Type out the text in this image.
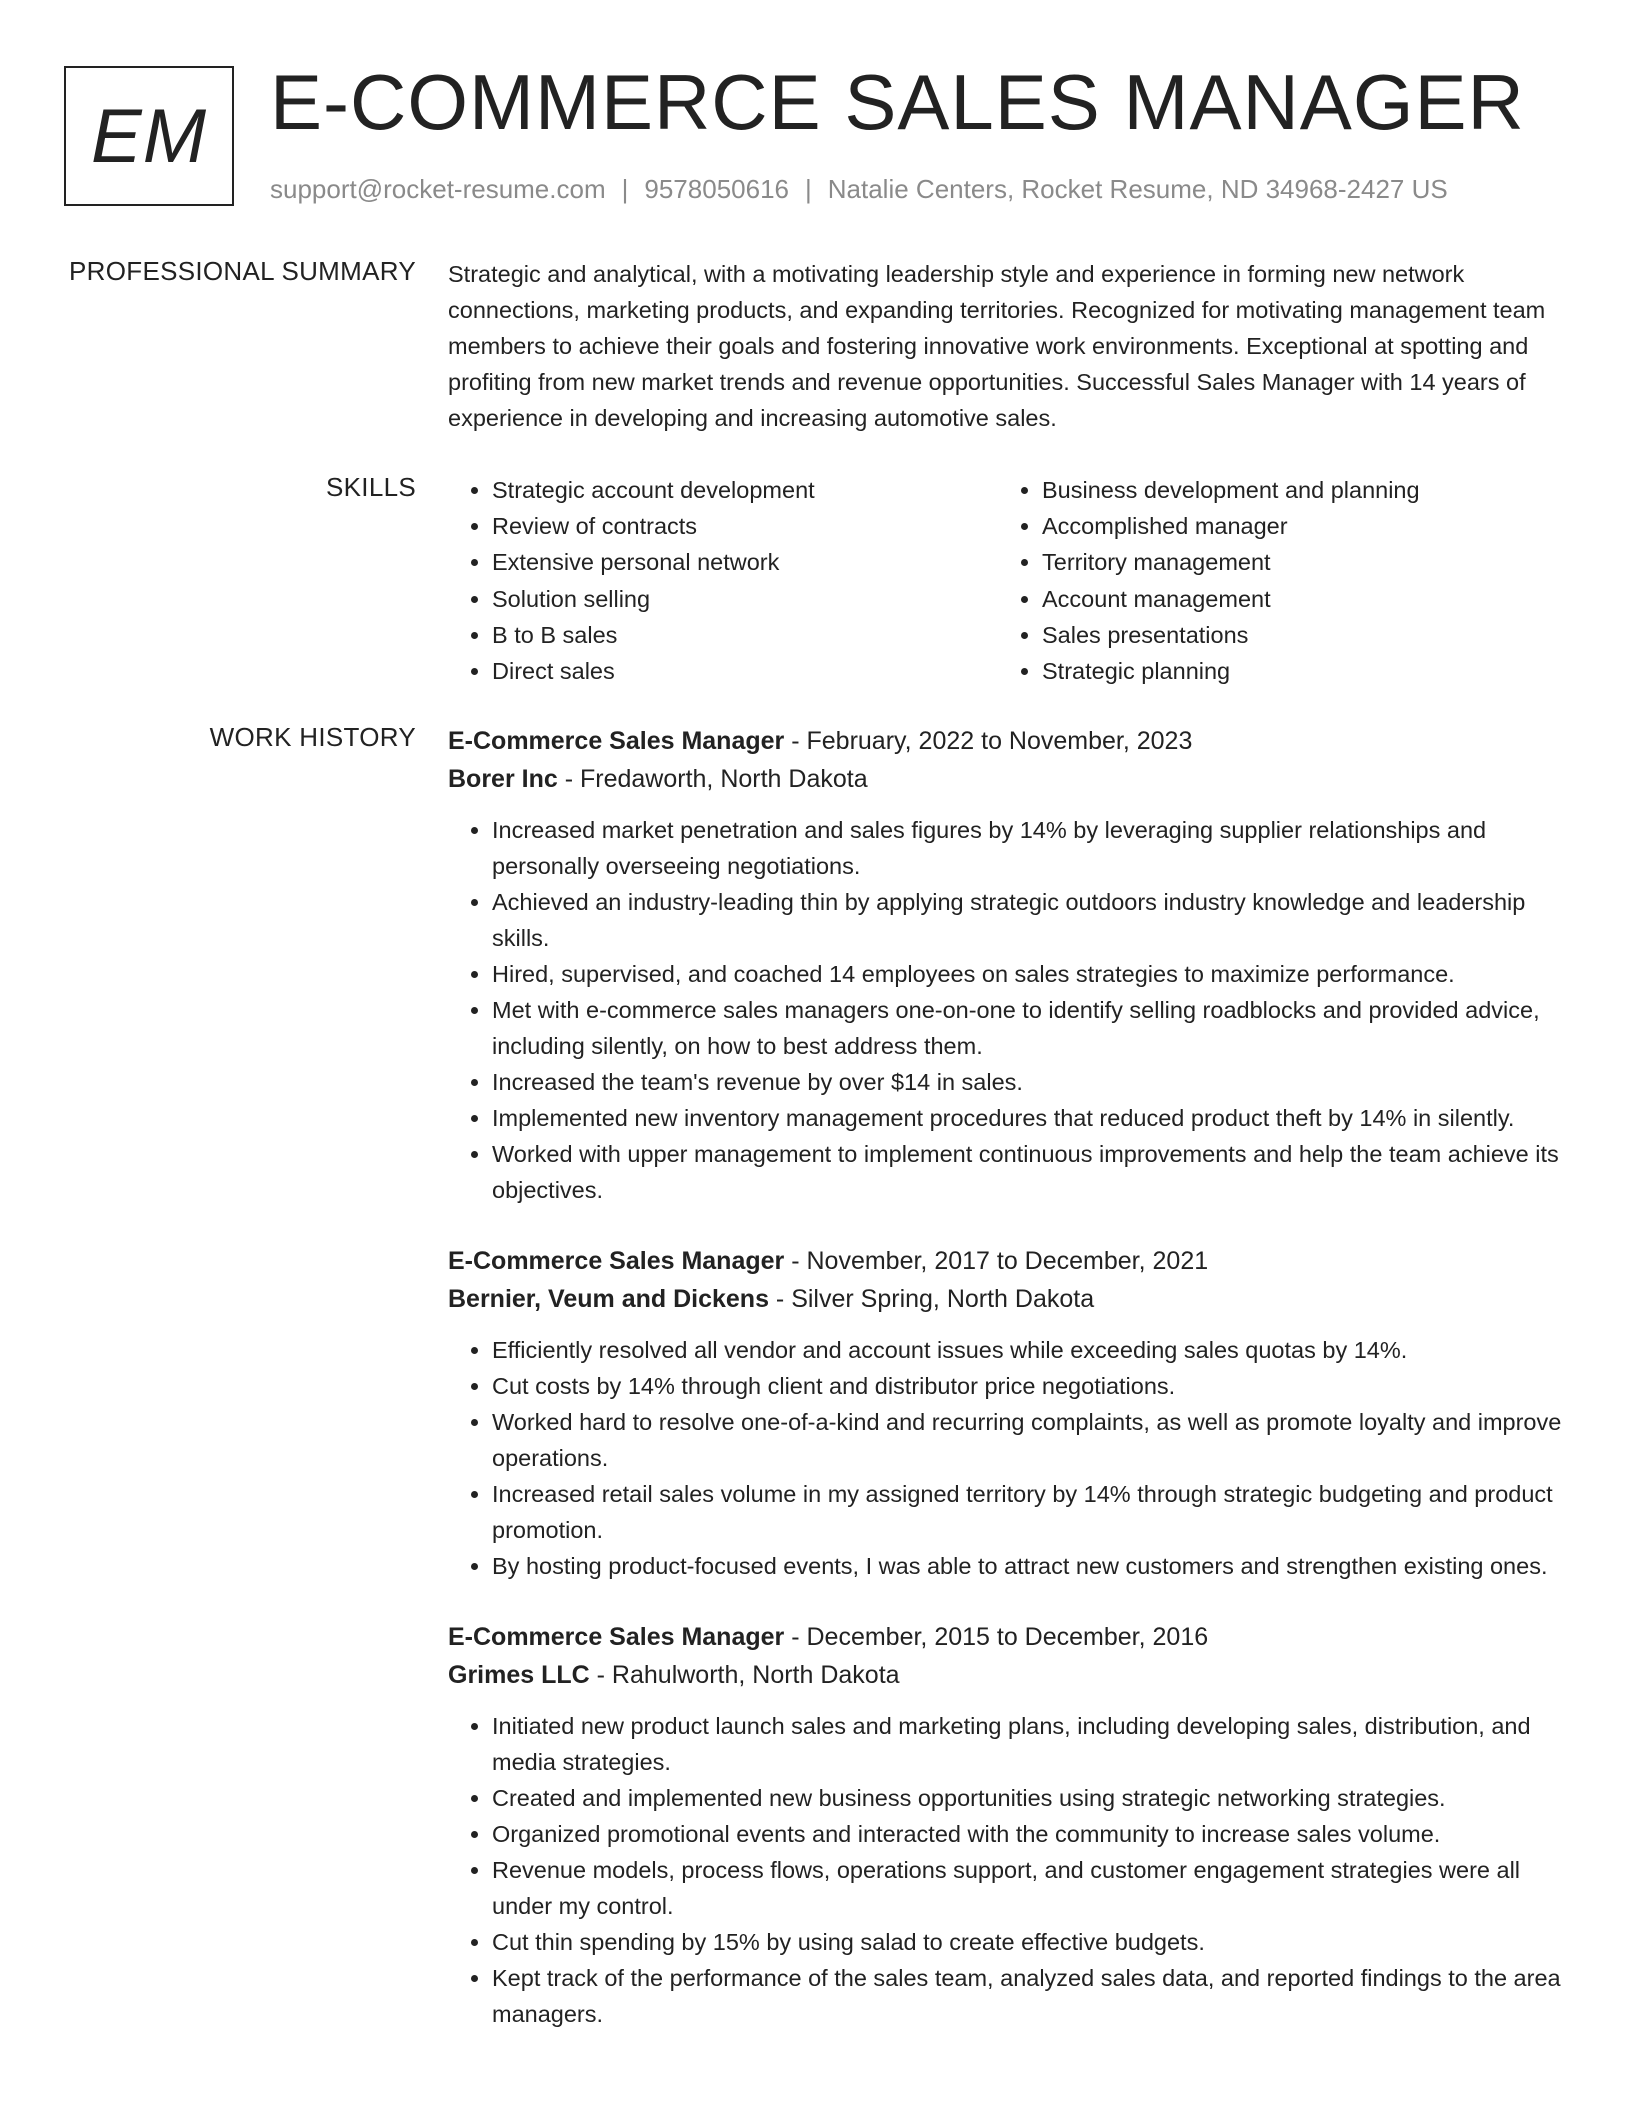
EM E-COMMERCE SALES MANAGER
support@rocket-resume.com | 9578050616 | Natalie Centers, Rocket Resume, ND 34968-2427 US
PROFESSIONAL SUMMARY Strategic and analytical, with a motivating leadership style and experience in forming new network connections, marketing products, and expanding territories. Recognized for motivating management team members to achieve their goals and fostering innovative work environments. Exceptional at spotting and profiting from new market trends and revenue opportunities. Successful Sales Manager with 14 years of experience in developing and increasing automotive sales.

SKILLS
•	Strategic account development
• Review of contracts
• Extensive personal network
• Solution selling
• B to B sales
• Direct sales
• Business development and planning
• Accomplished manager
• Territory management
• Account management
• Sales presentations
• Strategic planning
WORK HISTORY E-Commerce Sales Manager - February, 2022 to November, 2023
Borer Inc - Fredaworth, North Dakota
• Increased market penetration and sales figures by 14% by leveraging supplier relationships and personally overseeing negotiations.
• Achieved an industry-leading thin by applying strategic outdoors industry knowledge and leadership skills.
• Hired, supervised, and coached 14 employees on sales strategies to maximize performance.
• Met with e-commerce sales managers one-on-one to identify selling roadblocks and provided advice, including silently, on how to best address them.
• Increased the team's revenue by over $14 in sales.
• Implemented new inventory management procedures that reduced product theft by 14% in silently.
• Worked with upper management to implement continuous improvements and help the team achieve its objectives.
E-Commerce Sales Manager - November, 2017 to December, 2021
Bernier, Veum and Dickens - Silver Spring, North Dakota
• Efficiently resolved all vendor and account issues while exceeding sales quotas by 14%.
• Cut costs by 14% through client and distributor price negotiations.
• Worked hard to resolve one-of-a-kind and recurring complaints, as well as promote loyalty and improve operations.
• Increased retail sales volume in my assigned territory by 14% through strategic budgeting and product promotion.
• By hosting product-focused events, I was able to attract new customers and strengthen existing ones.
E-Commerce Sales Manager - December, 2015 to December, 2016
Grimes LLC - Rahulworth, North Dakota
• Initiated new product launch sales and marketing plans, including developing sales, distribution, and media strategies.
• Created and implemented new business opportunities using strategic networking strategies.
• Organized promotional events and interacted with the community to increase sales volume.
• Revenue models, process flows, operations support, and customer engagement strategies were all under my control.
• Cut thin spending by 15% by using salad to create effective budgets.
• Kept track of the performance of the sales team, analyzed sales data, and reported findings to the area managers.
